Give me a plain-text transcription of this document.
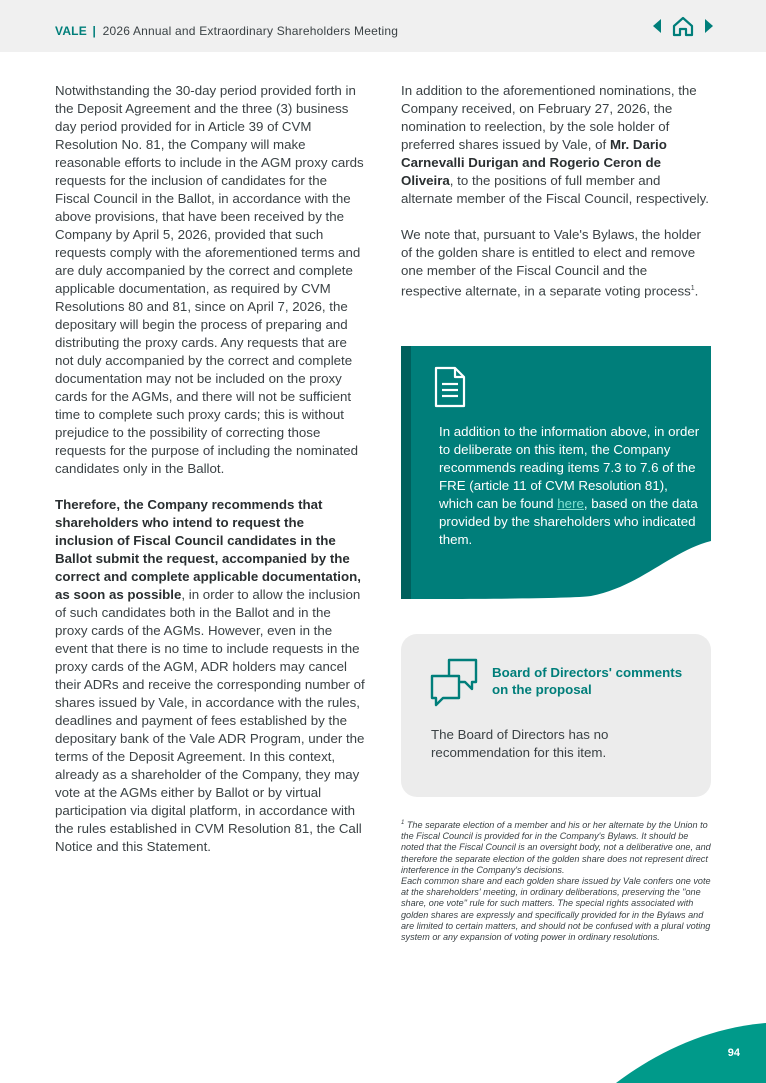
VALE | 2026 Annual and Extraordinary Shareholders Meeting

Notwithstanding the 30-day period provided forth in the Deposit Agreement and the three (3) business day period provided for in Article 39 of CVM Resolution No. 81, the Company will make reasonable efforts to include in the AGM proxy cards requests for the inclusion of candidates for the Fiscal Council in the Ballot, in accordance with the above provisions, that have been received by the Company by April 5, 2026, provided that such requests comply with the aforementioned terms and are duly accompanied by the correct and complete applicable documentation, as required by CVM Resolutions 80 and 81, since on April 7, 2026, the depositary will begin the process of preparing and distributing the proxy cards. Any requests that are not duly accompanied by the correct and complete documentation may not be included on the proxy cards for the AGMs, and there will not be sufficient time to complete such proxy cards; this is without prejudice to the possibility of correcting those requests for the purpose of including the nominated candidates only in the Ballot.

Therefore, the Company recommends that shareholders who intend to request the inclusion of Fiscal Council candidates in the Ballot submit the request, accompanied by the correct and complete applicable documentation, as soon as possible, in order to allow the inclusion of such candidates both in the Ballot and in the proxy cards of the AGMs. However, even in the event that there is no time to include requests in the proxy cards of the AGM, ADR holders may cancel their ADRs and receive the corresponding number of shares issued by Vale, in accordance with the rules, deadlines and payment of fees established by the depositary bank of the Vale ADR Program, under the terms of the Deposit Agreement. In this context, already as a shareholder of the Company, they may vote at the AGMs either by Ballot or by virtual participation via digital platform, in accordance with the rules established in CVM Resolution 81, the Call Notice and this Statement.

In addition to the aforementioned nominations, the Company received, on February 27, 2026, the nomination to reelection, by the sole holder of preferred shares issued by Vale, of Mr. Dario Carnevalli Durigan and Rogerio Ceron de Oliveira, to the positions of full member and alternate member of the Fiscal Council, respectively.

We note that, pursuant to Vale's Bylaws, the holder of the golden share is entitled to elect and remove one member of the Fiscal Council and the respective alternate, in a separate voting process$^1$.

In addition to the information above, in order to deliberate on this item, the Company recommends reading items 7.3 to 7.6 of the FRE (article 11 of CVM Resolution 81), which can be found here, based on the data provided by the shareholders who indicated them.

Board of Directors' comments on the proposal

The Board of Directors has no recommendation for this item.

$^1$ The separate election of a member and his or her alternate by the Union to the Fiscal Council is provided for in the Company's Bylaws. It should be noted that the Fiscal Council is an oversight body, not a deliberative one, and therefore the separate election of the golden share does not represent direct interference in the Company's decisions.

Each common share and each golden share issued by Vale confers one vote at the shareholders' meeting, in ordinary deliberations, preserving the "one share, one vote" rule for such matters. The special rights associated with golden shares are expressly and specifically provided for in the Bylaws and are limited to certain matters, and should not be confused with a plural voting system or any expansion of voting power in ordinary resolutions.

94
